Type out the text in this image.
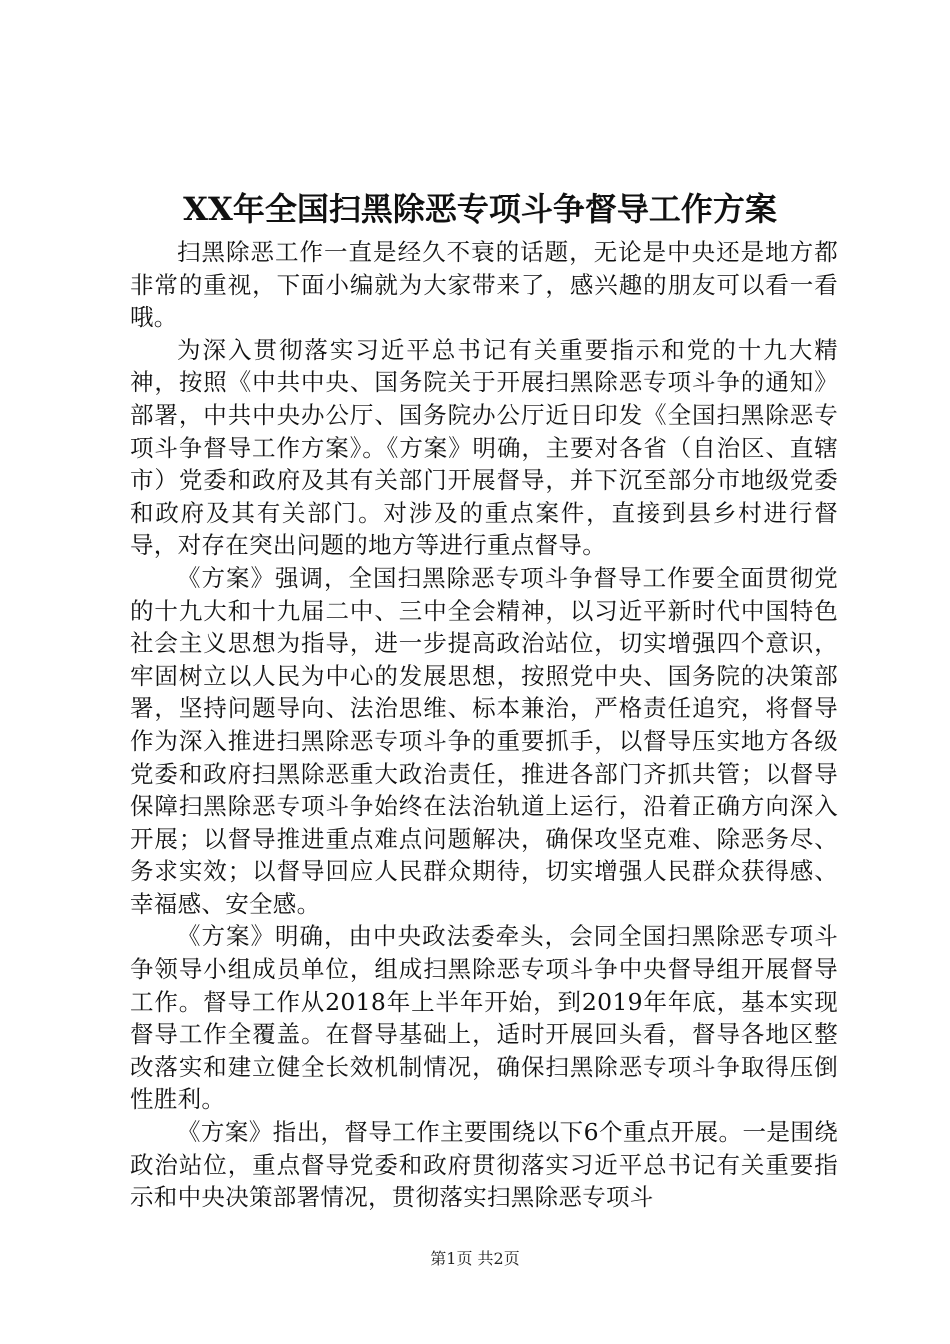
XX年全国扫黑除恶专项斗争督导工作方案

扫黑除恶工作一直是经久不衰的话题，无论是中央还是地方都非常的重视，下面小编就为大家带来了，感兴趣的朋友可以看一看哦。

为深入贯彻落实习近平总书记有关重要指示和党的十九大精神，按照《中共中央、国务院关于开展扫黑除恶专项斗争的通知》部署，中共中央办公厅、国务院办公厅近日印发《全国扫黑除恶专项斗争督导工作方案》。《方案》明确，主要对各省（自治区、直辖市）党委和政府及其有关部门开展督导，并下沉至部分市地级党委和政府及其有关部门。对涉及的重点案件，直接到县乡村进行督导，对存在突出问题的地方等进行重点督导。

《方案》强调，全国扫黑除恶专项斗争督导工作要全面贯彻党的十九大和十九届二中、三中全会精神，以习近平新时代中国特色社会主义思想为指导，进一步提高政治站位，切实增强四个意识，牢固树立以人民为中心的发展思想，按照党中央、国务院的决策部署，坚持问题导向、法治思维、标本兼治，严格责任追究，将督导作为深入推进扫黑除恶专项斗争的重要抓手，以督导压实地方各级党委和政府扫黑除恶重大政治责任，推进各部门齐抓共管；以督导保障扫黑除恶专项斗争始终在法治轨道上运行，沿着正确方向深入开展；以督导推进重点难点问题解决，确保攻坚克难、除恶务尽、务求实效；以督导回应人民群众期待，切实增强人民群众获得感、幸福感、安全感。

《方案》明确，由中央政法委牵头，会同全国扫黑除恶专项斗争领导小组成员单位，组成扫黑除恶专项斗争中央督导组开展督导工作。督导工作从2018年上半年开始，到2019年年底，基本实现督导工作全覆盖。在督导基础上，适时开展回头看，督导各地区整改落实和建立健全长效机制情况，确保扫黑除恶专项斗争取得压倒性胜利。

《方案》指出，督导工作主要围绕以下6个重点开展。一是围绕政治站位，重点督导党委和政府贯彻落实习近平总书记有关重要指示和中央决策部署情况，贯彻落实扫黑除恶专项斗

第1页 共2页
